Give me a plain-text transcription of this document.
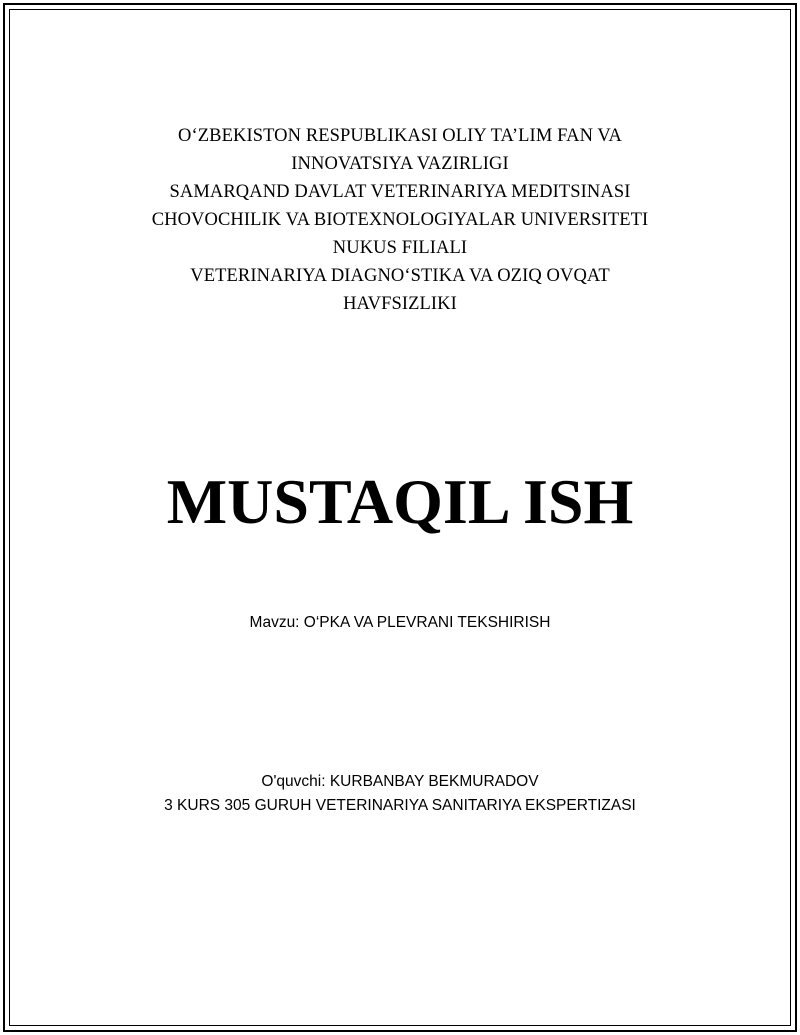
O‘ZBEKISTON RESPUBLIKASI OLIY TA’LIM FAN VA
INNOVATSIYA VAZIRLIGI
SAMARQAND DAVLAT VETERINARIYA MEDITSINASI
CHOVOCHILIK VA BIOTEXNOLOGIYALAR UNIVERSITETI
NUKUS FILIALI
VETERINARIYA DIAGNO‘STIKA VA OZIQ OVQAT
HAVFSIZLIKI
MUSTAQIL ISH
Mavzu: O‘PKA VA PLEVRANI TEKSHIRISH
O'quvchi: KURBANBAY BEKMURADOV
3 KURS 305 GURUH VETERINARIYA SANITARIYA EKSPERTIZASI
